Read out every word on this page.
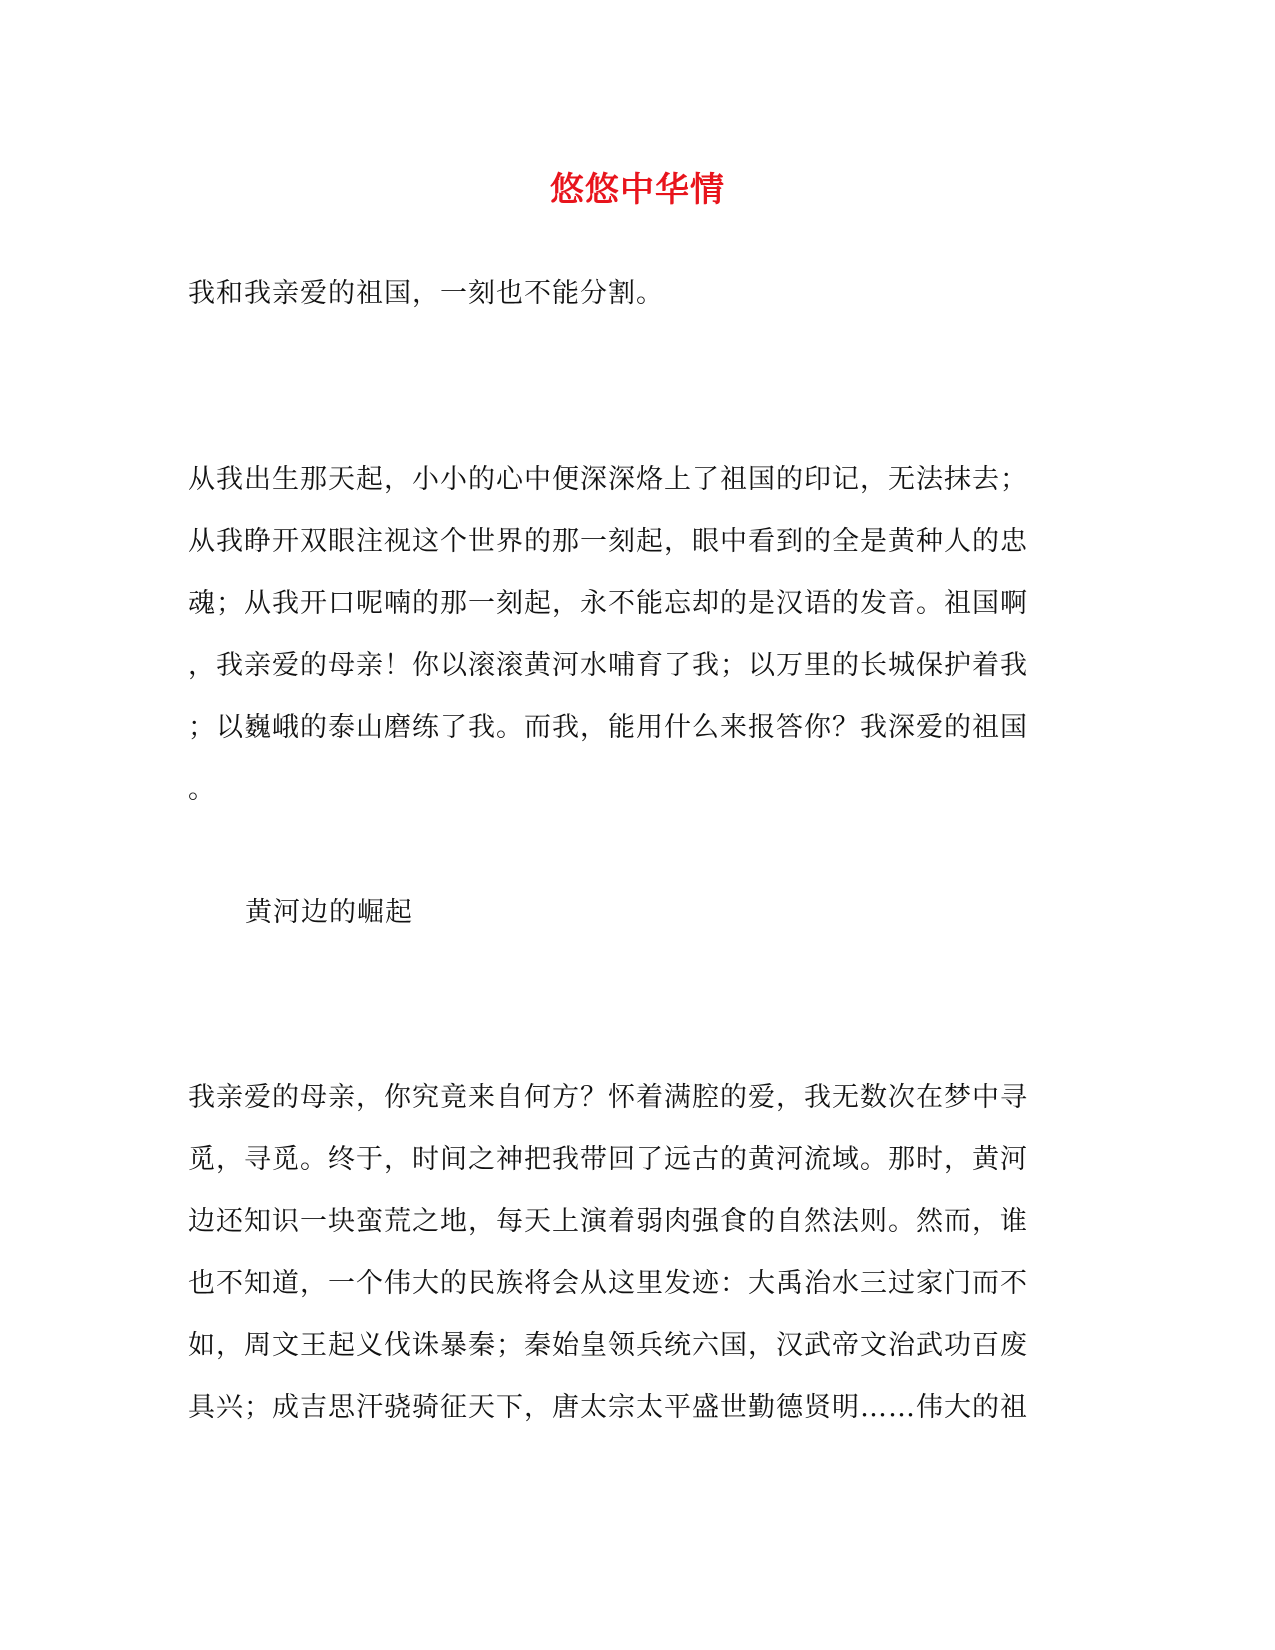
悠悠中华情
我和我亲爱的祖国，一刻也不能分割。
从我出生那天起，小小的心中便深深烙上了祖国的印记，无法抹去；
从我睁开双眼注视这个世界的那一刻起，眼中看到的全是黄种人的忠
魂；从我开口呢喃的那一刻起，永不能忘却的是汉语的发音。祖国啊
，我亲爱的母亲！你以滚滚黄河水哺育了我；以万里的长城保护着我
；以巍峨的泰山磨练了我。而我，能用什么来报答你？我深爱的祖国
。
黄河边的崛起
我亲爱的母亲，你究竟来自何方？怀着满腔的爱，我无数次在梦中寻
觅，寻觅。终于，时间之神把我带回了远古的黄河流域。那时，黄河
边还知识一块蛮荒之地，每天上演着弱肉强食的自然法则。然而，谁
也不知道，一个伟大的民族将会从这里发迹：大禹治水三过家门而不
如，周文王起义伐诛暴秦；秦始皇领兵统六国，汉武帝文治武功百废
具兴；成吉思汗骁骑征天下，唐太宗太平盛世勤德贤明……伟大的祖
